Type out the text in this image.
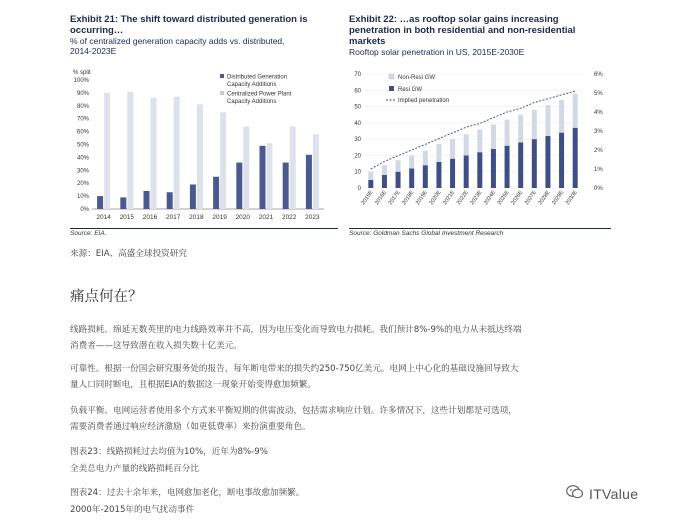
Exhibit 21: The shift toward distributed generation is
occurring…
% of centralized generation capacity adds vs. distributed,
2014-2023E
% split
0%
10%
20%
30%
40%
50%
60%
70%
80%
90%
100%
2014 2015 2016 2017 2018 2019 2020 2021 2022 2023
Distributed Generation
Capacity Additions
Centralized Power Plant
Capacity Additions
Source: EIA.
Exhibit 22: …as rooftop solar gains increasing
penetration in both residential and non-residential
markets
Rooftop solar penetration in US, 2015E-2030E
0
10
20
30
40
50
60
70
0%
1%
2%
3%
4%
5%
6%
2015E 2016E 2017E 2018E 2019E 2020E 2021E 2022E 2023E 2024E 2025E 2026E 2027E 2028E 2029E 2030E
Non-Resi GW
Resi GW
Implied penetration
Source: Goldman Sachs Global Investment Research
来源：EIA、高盛全球投资研究
痛点何在？
线路损耗。绵延无数英里的电力线路效率并不高，因为电压变化而导致电力损耗。我们预计8%-9%的电力从未抵达终端
消费者——这导致潜在收入损失数十亿美元。
可靠性。根据一份国会研究服务处的报告，每年断电带来的损失约250-750亿美元。电网上中心化的基础设施回导致大
量人口同时断电，且根据EIA的数据这一现象开始变得愈加频繁。
负载平衡。电网运营者使用多个方式来平衡短期的供需波动，包括需求响应计划。许多情况下，这些计划都是可选项，
需要消费者通过响应经济激励（如更低费率）来扮演重要角色。
图表23：线路损耗过去均值为10%，近年为8%-9%
全美总电力产量的线路损耗百分比
图表24：过去十余年来，电网愈加老化，断电事故愈加频繁。
2000年-2015年的电气扰动事件
ITValue
